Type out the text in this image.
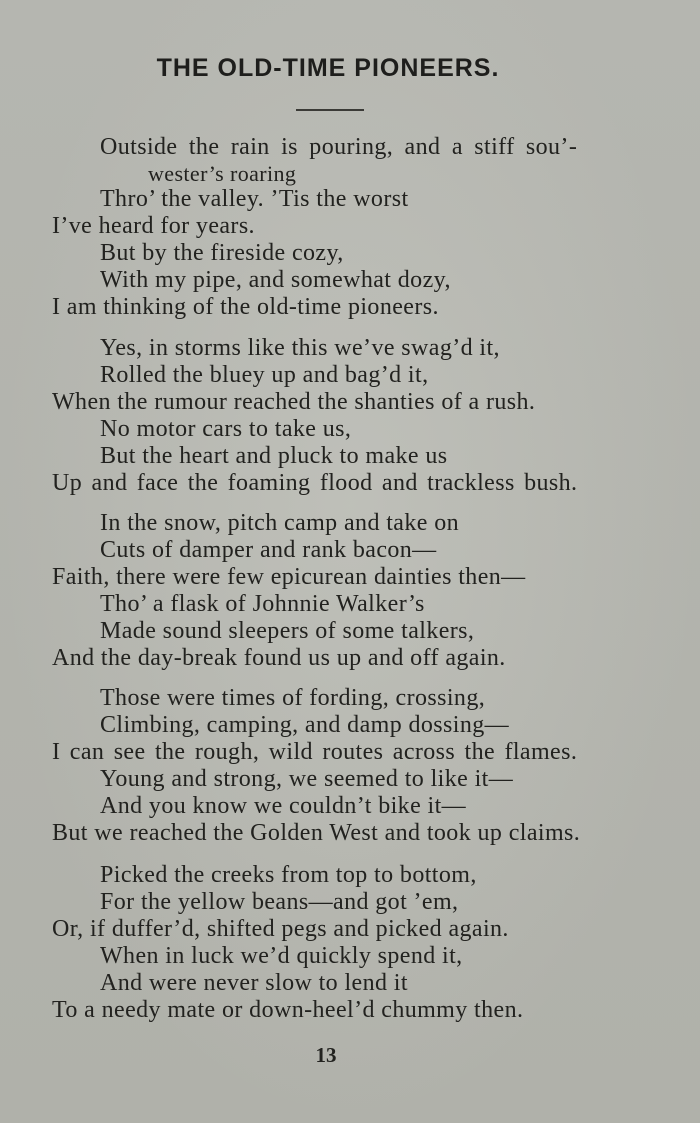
THE OLD-TIME PIONEERS.
Outside the rain is pouring, and a stiff sou’-
wester’s roaring
Thro’ the valley. ’Tis the worst
I’ve heard for years.
But by the fireside cozy,
With my pipe, and somewhat dozy,
I am thinking of the old-time pioneers.
Yes, in storms like this we’ve swag’d it,
Rolled the bluey up and bag’d it,
When the rumour reached the shanties of a rush.
No motor cars to take us,
But the heart and pluck to make us
Up and face the foaming flood and trackless bush.
In the snow, pitch camp and take on
Cuts of damper and rank bacon—
Faith, there were few epicurean dainties then—
Tho’ a flask of Johnnie Walker’s
Made sound sleepers of some talkers,
And the day-break found us up and off again.
Those were times of fording, crossing,
Climbing, camping, and damp dossing—
I can see the rough, wild routes across the flames.
Young and strong, we seemed to like it—
And you know we couldn’t bike it—
But we reached the Golden West and took up claims.
Picked the creeks from top to bottom,
For the yellow beans—and got ’em,
Or, if duffer’d, shifted pegs and picked again.
When in luck we’d quickly spend it,
And were never slow to lend it
To a needy mate or down-heel’d chummy then.
13
